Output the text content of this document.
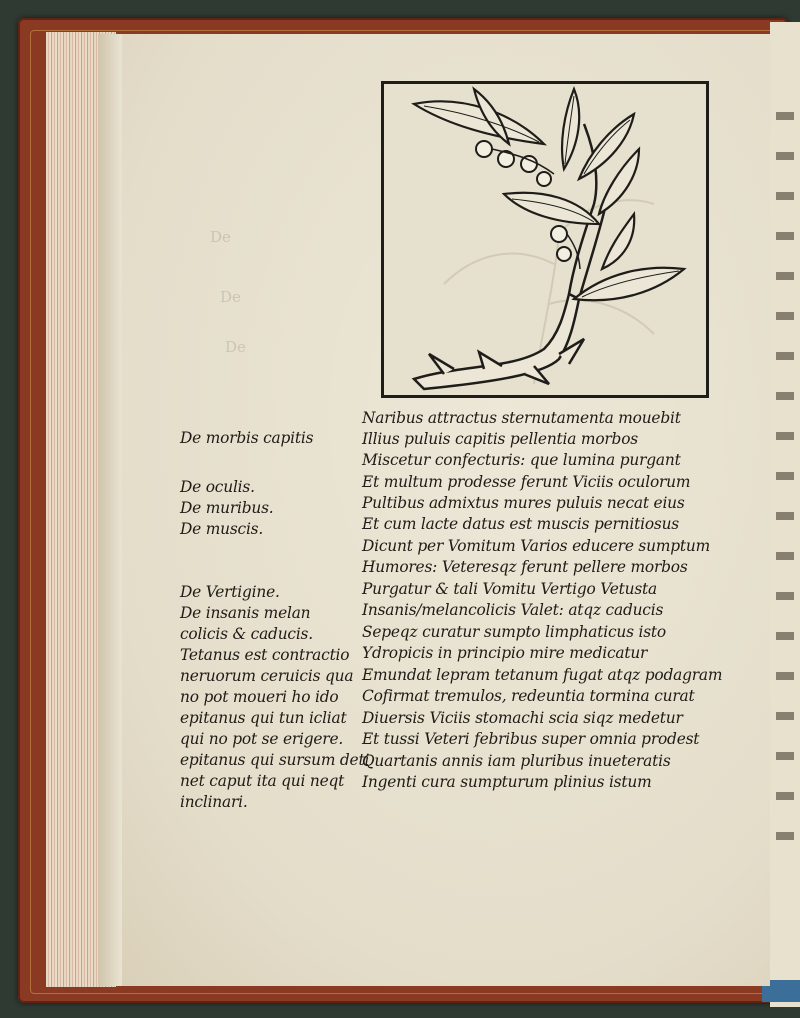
De
De
De
De morbis capitis
De oculis.
De muribus.
De muscis.
De Vertigine.
De insanis melan
colicis & caducis.
Tetanus est contractio
neruorum ceruicis qua
no pot moueri ho ido
epitanus qui tun icliat
qui no pot se erigere.
epitanus qui sursum deti
net caput ita qui neqt
inclinari.
Naribus attractus sternutamenta mouebit
Illius puluis capitis pellentia morbos
Miscetur confecturis: que lumina purgant
Et multum prodesse ferunt Viciis oculorum
Pultibus admixtus mures puluis necat eius
Et cum lacte datus est muscis pernitiosus
Dicunt per Vomitum Varios educere sumptum
Humores: Veteresqz ferunt pellere morbos
Purgatur & tali Vomitu Vertigo Vetusta
Insanis/melancolicis Valet: atqz caducis
Sepeqz curatur sumpto limphaticus isto
Ydropicis in principio mire medicatur
Emundat lepram tetanum fugat atqz podagram
Cofirmat tremulos, redeuntia tormina curat
Diuersis Viciis stomachi scia siqz medetur
Et tussi Veteri febribus super omnia prodest
Quartanis annis iam pluribus inueteratis
Ingenti cura sumpturum plinius istum
